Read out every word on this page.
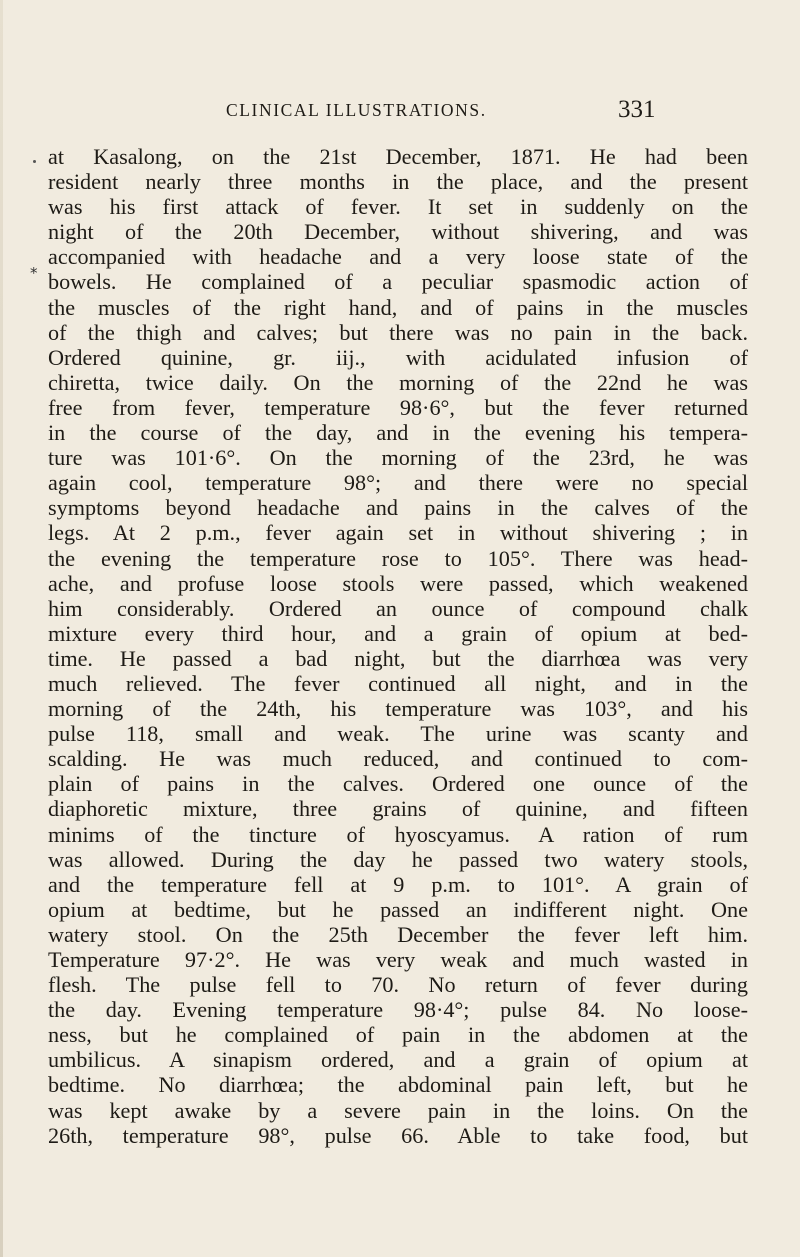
CLINICAL ILLUSTRATIONS.	331
*
at Kasalong, on the 21st December, 1871. He had been
resident nearly three months in the place, and the present
was his first attack of fever. It set in suddenly on the
night of the 20th December, without shivering, and was
accompanied with headache and a very loose state of the
bowels. He complained of a peculiar spasmodic action of
the muscles of the right hand, and of pains in the muscles
of the thigh and calves; but there was no pain in the back.
Ordered quinine, gr. iij., with acidulated infusion of
chiretta, twice daily. On the morning of the 22nd he was
free from fever, temperature 98·6°, but the fever returned
in the course of the day, and in the evening his tempera-
ture was 101·6°. On the morning of the 23rd, he was
again cool, temperature 98°; and there were no special
symptoms beyond headache and pains in the calves of the
legs. At 2 p.m., fever again set in without shivering ; in
the evening the temperature rose to 105°. There was head-
ache, and profuse loose stools were passed, which weakened
him considerably. Ordered an ounce of compound chalk
mixture every third hour, and a grain of opium at bed-
time. He passed a bad night, but the diarrhœa was very
much relieved. The fever continued all night, and in the
morning of the 24th, his temperature was 103°, and his
pulse 118, small and weak. The urine was scanty and
scalding. He was much reduced, and continued to com-
plain of pains in the calves. Ordered one ounce of the
diaphoretic mixture, three grains of quinine, and fifteen
minims of the tincture of hyoscyamus. A ration of rum
was allowed. During the day he passed two watery stools,
and the temperature fell at 9 p.m. to 101°. A grain of
opium at bedtime, but he passed an indifferent night. One
watery stool. On the 25th December the fever left him.
Temperature 97·2°. He was very weak and much wasted in
flesh. The pulse fell to 70. No return of fever during
the day. Evening temperature 98·4°; pulse 84. No loose-
ness, but he complained of pain in the abdomen at the
umbilicus. A sinapism ordered, and a grain of opium at
bedtime. No diarrhœa; the abdominal pain left, but he
was kept awake by a severe pain in the loins. On the
26th, temperature 98°, pulse 66. Able to take food, but
